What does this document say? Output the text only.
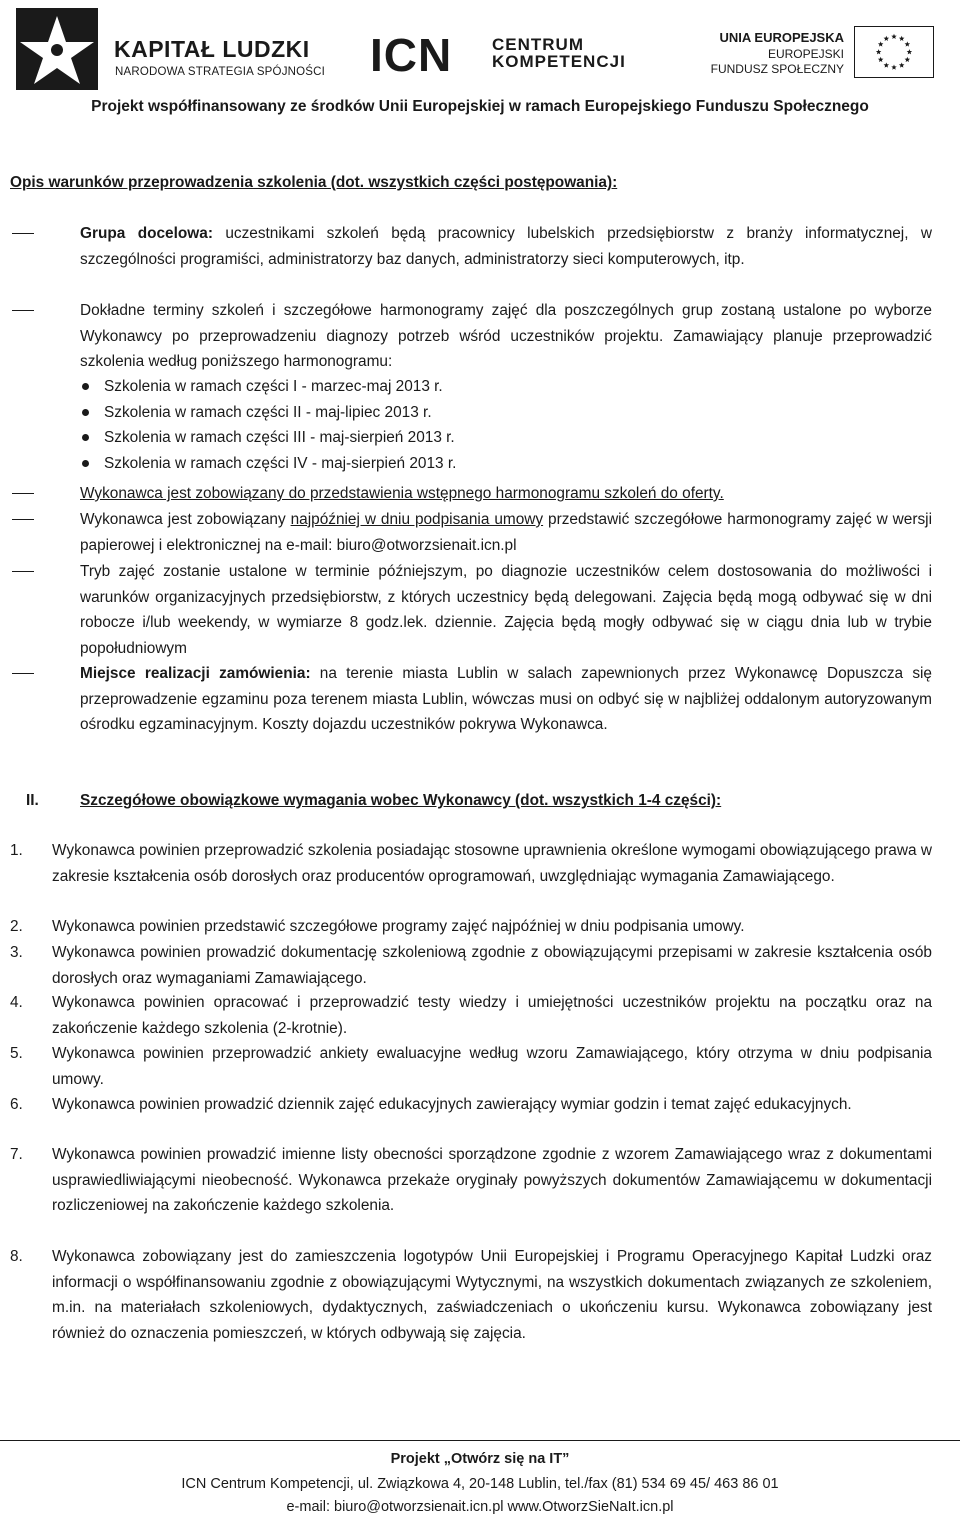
KAPITAŁ LUDZKI
NARODOWA STRATEGIA SPÓJNOŚCI ICN CENTRUM
KOMPETENCJI
UNIA EUROPEJSKA
EUROPEJSKI
FUNDUSZ SPOŁECZNY
Projekt współfinansowany ze środków Unii Europejskiej w ramach Europejskiego Funduszu Społecznego
Opis warunków przeprowadzenia szkolenia (dot. wszystkich części postępowania):
Grupa docelowa: uczestnikami szkoleń będą pracownicy lubelskich przedsiębiorstw z branży informatycznej, w szczególności programiści, administratorzy baz danych, administratorzy sieci komputerowych, itp.
Dokładne terminy szkoleń i szczegółowe harmonogramy zajęć dla poszczególnych grup zostaną ustalone po wyborze Wykonawcy po przeprowadzeniu diagnozy potrzeb wśród uczestników projektu. Zamawiający planuje przeprowadzić szkolenia według poniższego harmonogramu:
Szkolenia w ramach części I - marzec-maj 2013 r.
Szkolenia w ramach części II - maj-lipiec 2013 r.
Szkolenia w ramach części III - maj-sierpień 2013 r.
Szkolenia w ramach części IV - maj-sierpień 2013 r.
Wykonawca jest zobowiązany do przedstawienia wstępnego harmonogramu szkoleń do oferty.
Wykonawca jest zobowiązany najpóźniej w dniu podpisania umowy przedstawić szczegółowe harmonogramy zajęć w wersji papierowej i elektronicznej na e-mail: biuro@otworzsienait.icn.pl
Tryb zajęć zostanie ustalone w terminie późniejszym, po diagnozie uczestników celem dostosowania do możliwości i warunków organizacyjnych przedsiębiorstw, z których uczestnicy będą delegowani. Zajęcia będą mogą odbywać się w dni robocze i/lub weekendy, w wymiarze 8 godz.lek. dziennie. Zajęcia będą mogły odbywać się w ciągu dnia lub w trybie popołudniowym
Miejsce realizacji zamówienia: na terenie miasta Lublin w salach zapewnionych przez Wykonawcę Dopuszcza się przeprowadzenie egzaminu poza terenem miasta Lublin, wówczas musi on odbyć się w najbliżej oddalonym autoryzowanym ośrodku egzaminacyjnym. Koszty dojazdu uczestników pokrywa Wykonawca.
II.	Szczegółowe obowiązkowe wymagania wobec Wykonawcy (dot. wszystkich 1-4 części):
1.	Wykonawca powinien przeprowadzić szkolenia posiadając stosowne uprawnienia określone wymogami obowiązującego prawa w zakresie kształcenia osób dorosłych oraz producentów oprogramowań, uwzględniając wymagania Zamawiającego.
2.	Wykonawca powinien przedstawić szczegółowe programy zajęć najpóźniej w dniu podpisania umowy.
3.	Wykonawca powinien prowadzić dokumentację szkoleniową zgodnie z obowiązującymi przepisami w zakresie kształcenia osób dorosłych oraz wymaganiami Zamawiającego.
4.	Wykonawca powinien opracować i przeprowadzić testy wiedzy i umiejętności uczestników projektu na początku oraz na zakończenie każdego szkolenia (2-krotnie).
5.	Wykonawca powinien przeprowadzić ankiety ewaluacyjne według wzoru Zamawiającego, który otrzyma w dniu podpisania umowy.
6.	Wykonawca powinien prowadzić dziennik zajęć edukacyjnych zawierający wymiar godzin i temat zajęć edukacyjnych.
7.	Wykonawca powinien prowadzić imienne listy obecności sporządzone zgodnie z wzorem Zamawiającego wraz z dokumentami usprawiedliwiającymi nieobecność. Wykonawca przekaże oryginały powyższych dokumentów Zamawiającemu w dokumentacji rozliczeniowej na zakończenie każdego szkolenia.
8.	Wykonawca zobowiązany jest do zamieszczenia logotypów Unii Europejskiej i Programu Operacyjnego Kapitał Ludzki oraz informacji o współfinansowaniu zgodnie z obowiązującymi Wytycznymi, na wszystkich dokumentach związanych ze szkoleniem, m.in. na materiałach szkoleniowych, dydaktycznych, zaświadczeniach o ukończeniu kursu. Wykonawca zobowiązany jest również do oznaczenia pomieszczeń, w których odbywają się zajęcia.
Projekt „Otwórz się na IT”
ICN Centrum Kompetencji, ul. Związkowa 4, 20-148 Lublin, tel./fax (81) 534 69 45/ 463 86 01
e-mail: biuro@otworzsienait.icn.pl www.OtworzSieNaIt.icn.pl
